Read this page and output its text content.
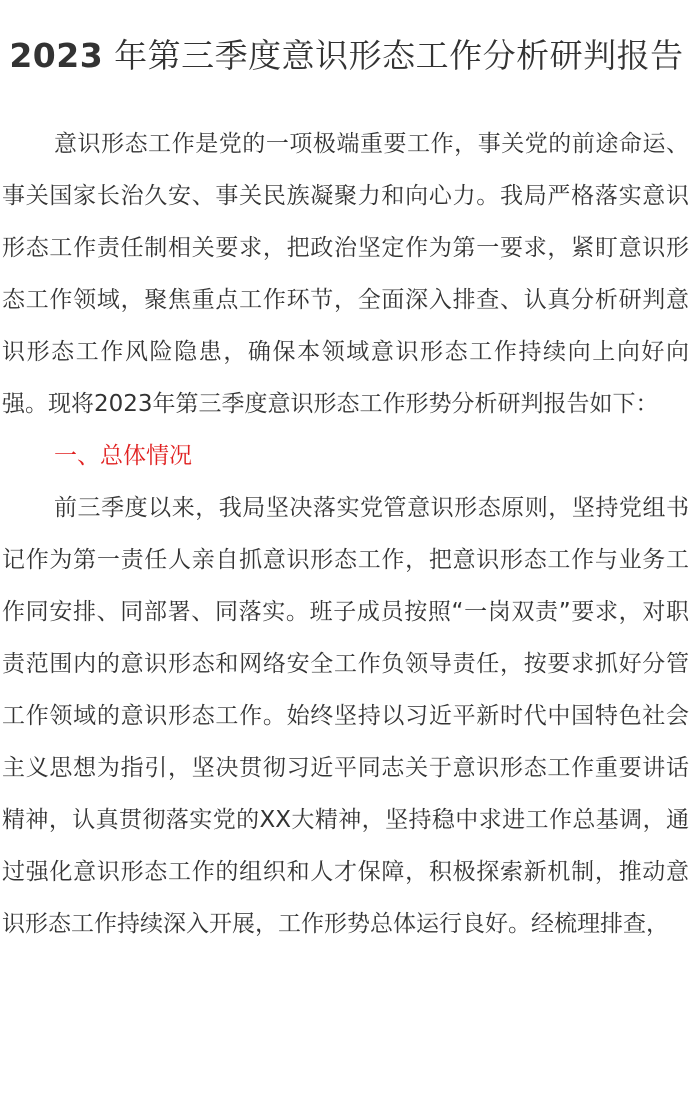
2023 年第三季度意识形态工作分析研判报告

意识形态工作是党的一项极端重要工作，事关党的前途命运、事关国家长治久安、事关民族凝聚力和向心力。我局严格落实意识形态工作责任制相关要求，把政治坚定作为第一要求，紧盯意识形态工作领域，聚焦重点工作环节，全面深入排查、认真分析研判意识形态工作风险隐患，确保本领域意识形态工作持续向上向好向强。现将2023年第三季度意识形态工作形势分析研判报告如下：

一、总体情况

前三季度以来，我局坚决落实党管意识形态原则，坚持党组书记作为第一责任人亲自抓意识形态工作，把意识形态工作与业务工作同安排、同部署、同落实。班子成员按照“一岗双责”要求，对职责范围内的意识形态和网络安全工作负领导责任，按要求抓好分管工作领域的意识形态工作。始终坚持以习近平新时代中国特色社会主义思想为指引，坚决贯彻习近平同志关于意识形态工作重要讲话精神，认真贯彻落实党的XX大精神，坚持稳中求进工作总基调，通过强化意识形态工作的组织和人才保障，积极探索新机制，推动意识形态工作持续深入开展，工作形势总体运行良好。经梳理排查，
